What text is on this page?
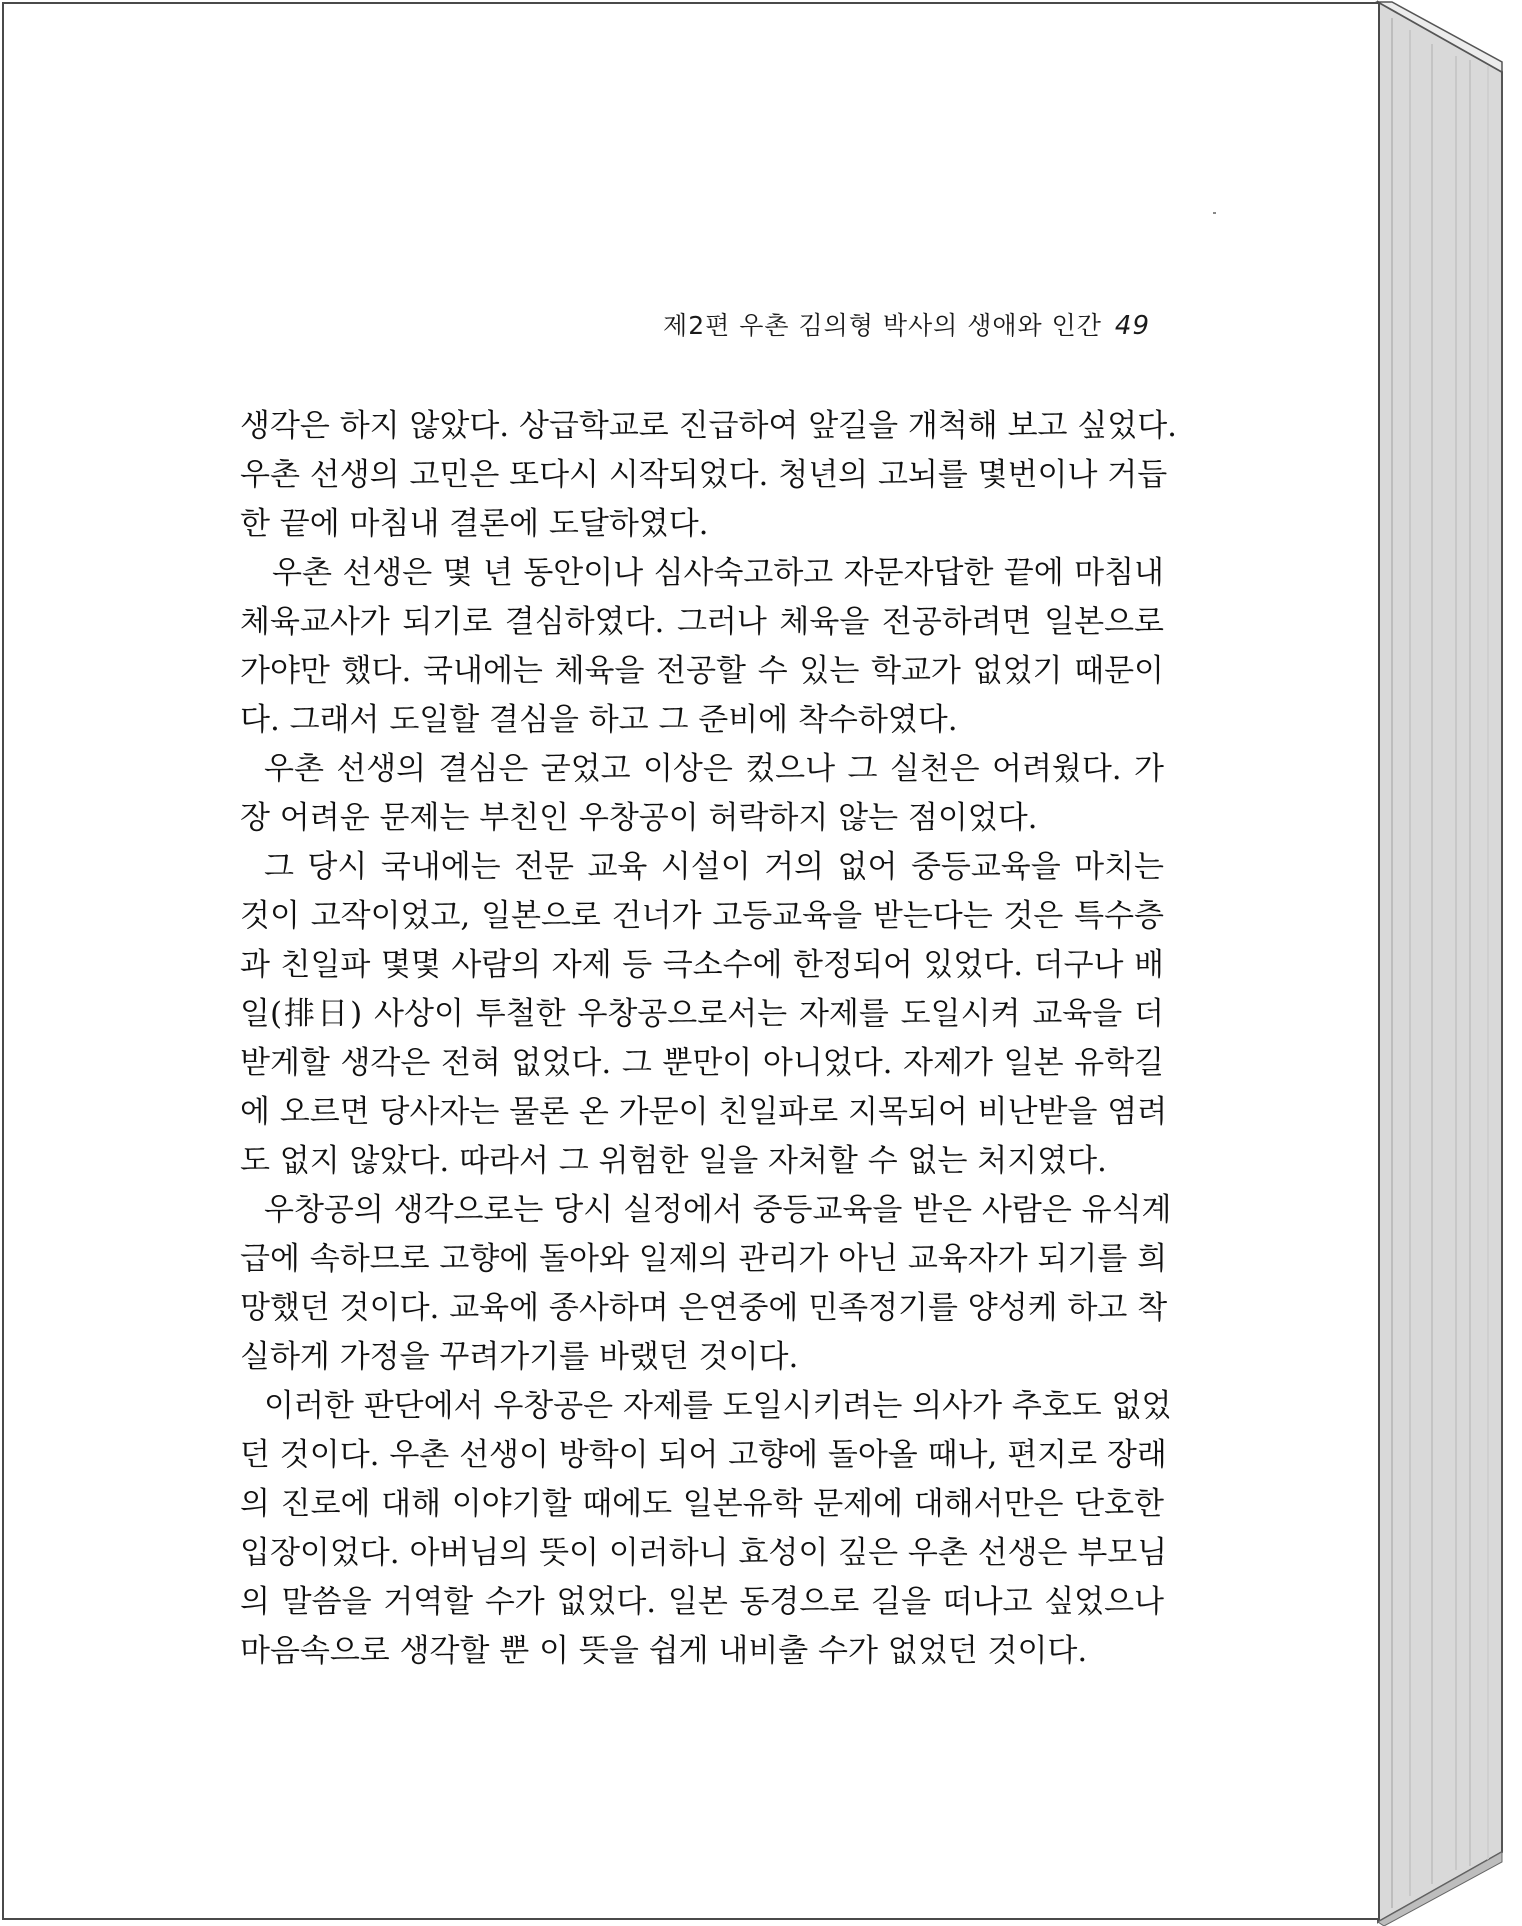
제2편 우촌 김의형 박사의 생애와 인간 49
생각은 하지 않았다. 상급학교로 진급하여 앞길을 개척해 보고 싶었다.
우촌 선생의 고민은 또다시 시작되었다. 청년의 고뇌를 몇번이나 거듭
한 끝에 마침내 결론에 도달하였다.
우촌 선생은 몇 년 동안이나 심사숙고하고 자문자답한 끝에 마침내
체육교사가 되기로 결심하였다. 그러나 체육을 전공하려면 일본으로
가야만 했다. 국내에는 체육을 전공할 수 있는 학교가 없었기 때문이
다. 그래서 도일할 결심을 하고 그 준비에 착수하였다.
우촌 선생의 결심은 굳었고 이상은 컸으나 그 실천은 어려웠다. 가
장 어려운 문제는 부친인 우창공이 허락하지 않는 점이었다.
그 당시 국내에는 전문 교육 시설이 거의 없어 중등교육을 마치는
것이 고작이었고, 일본으로 건너가 고등교육을 받는다는 것은 특수층
과 친일파 몇몇 사람의 자제 등 극소수에 한정되어 있었다. 더구나 배
일(排日) 사상이 투철한 우창공으로서는 자제를 도일시켜 교육을 더
받게할 생각은 전혀 없었다. 그 뿐만이 아니었다. 자제가 일본 유학길
에 오르면 당사자는 물론 온 가문이 친일파로 지목되어 비난받을 염려
도 없지 않았다. 따라서 그 위험한 일을 자처할 수 없는 처지였다.
우창공의 생각으로는 당시 실정에서 중등교육을 받은 사람은 유식계
급에 속하므로 고향에 돌아와 일제의 관리가 아닌 교육자가 되기를 희
망했던 것이다. 교육에 종사하며 은연중에 민족정기를 양성케 하고 착
실하게 가정을 꾸려가기를 바랬던 것이다.
이러한 판단에서 우창공은 자제를 도일시키려는 의사가 추호도 없었
던 것이다. 우촌 선생이 방학이 되어 고향에 돌아올 때나, 편지로 장래
의 진로에 대해 이야기할 때에도 일본유학 문제에 대해서만은 단호한
입장이었다. 아버님의 뜻이 이러하니 효성이 깊은 우촌 선생은 부모님
의 말씀을 거역할 수가 없었다. 일본 동경으로 길을 떠나고 싶었으나
마음속으로 생각할 뿐 이 뜻을 쉽게 내비출 수가 없었던 것이다.
